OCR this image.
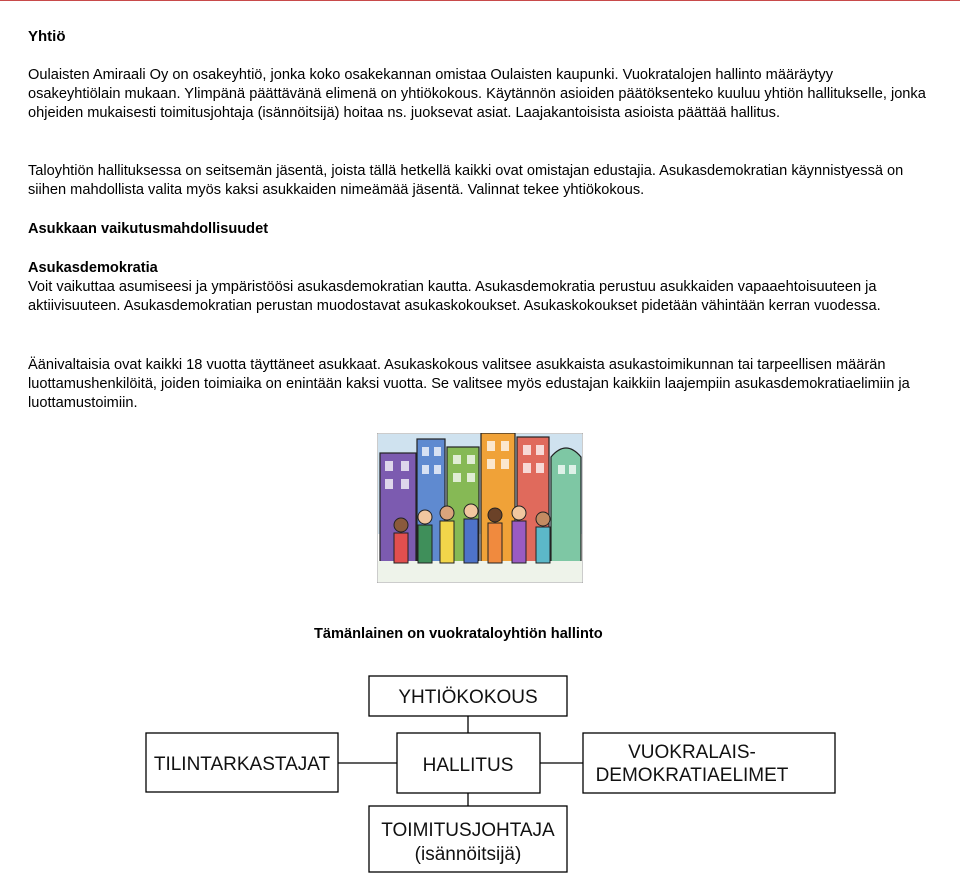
Yhtiö

Oulaisten Amiraali Oy on osakeyhtiö, jonka koko osakekannan omistaa Oulaisten kaupunki. Vuokratalojen hallinto määräytyy osakeyhtiölain mukaan. Ylimpänä päättävänä elimenä on yhtiökokous. Käytännön asioiden päätöksenteko kuuluu yhtiön hallitukselle, jonka ohjeiden mukaisesti toimitusjohtaja (isännöitsijä) hoitaa ns. juoksevat asiat. Laajakantoisista asioista päättää hallitus.

Taloyhtiön hallituksessa on seitsemän jäsentä, joista tällä hetkellä kaikki ovat omistajan edustajia. Asukasdemokratian käynnistyessä on siihen mahdollista valita myös kaksi asukkaiden nimeämää jäsentä. Valinnat tekee yhtiökokous.

Asukkaan vaikutusmahdollisuudet

Asukasdemokratia

Voit vaikuttaa asumiseesi ja ympäristöösi asukasdemokratian kautta. Asukasdemokratia perustuu asukkaiden vapaaehtoisuuteen ja aktiivisuuteen. Asukasdemokratian perustan muodostavat asukaskokoukset. Asukaskokoukset pidetään vähintään kerran vuodessa.

Äänivaltaisia ovat kaikki 18 vuotta täyttäneet asukkaat. Asukaskokous valitsee asukkaista asukastoimikunnan tai tarpeellisen määrän luottamushenkilöitä, joiden toimiaika on enintään kaksi vuotta. Se valitsee myös edustajan kaikkiin laajempiin asukasdemokratiaelimiin ja luottamustoimiin.

Tämänlainen on vuokrataloyhtiön hallinto
YHTIÖKOKOUS
TILINTARKASTAJAT	HALLITUS
VUOKRALAIS-
DEMOKRATIAELIMET
TOIMITUSJOHTAJA
(isännöitsijä)
